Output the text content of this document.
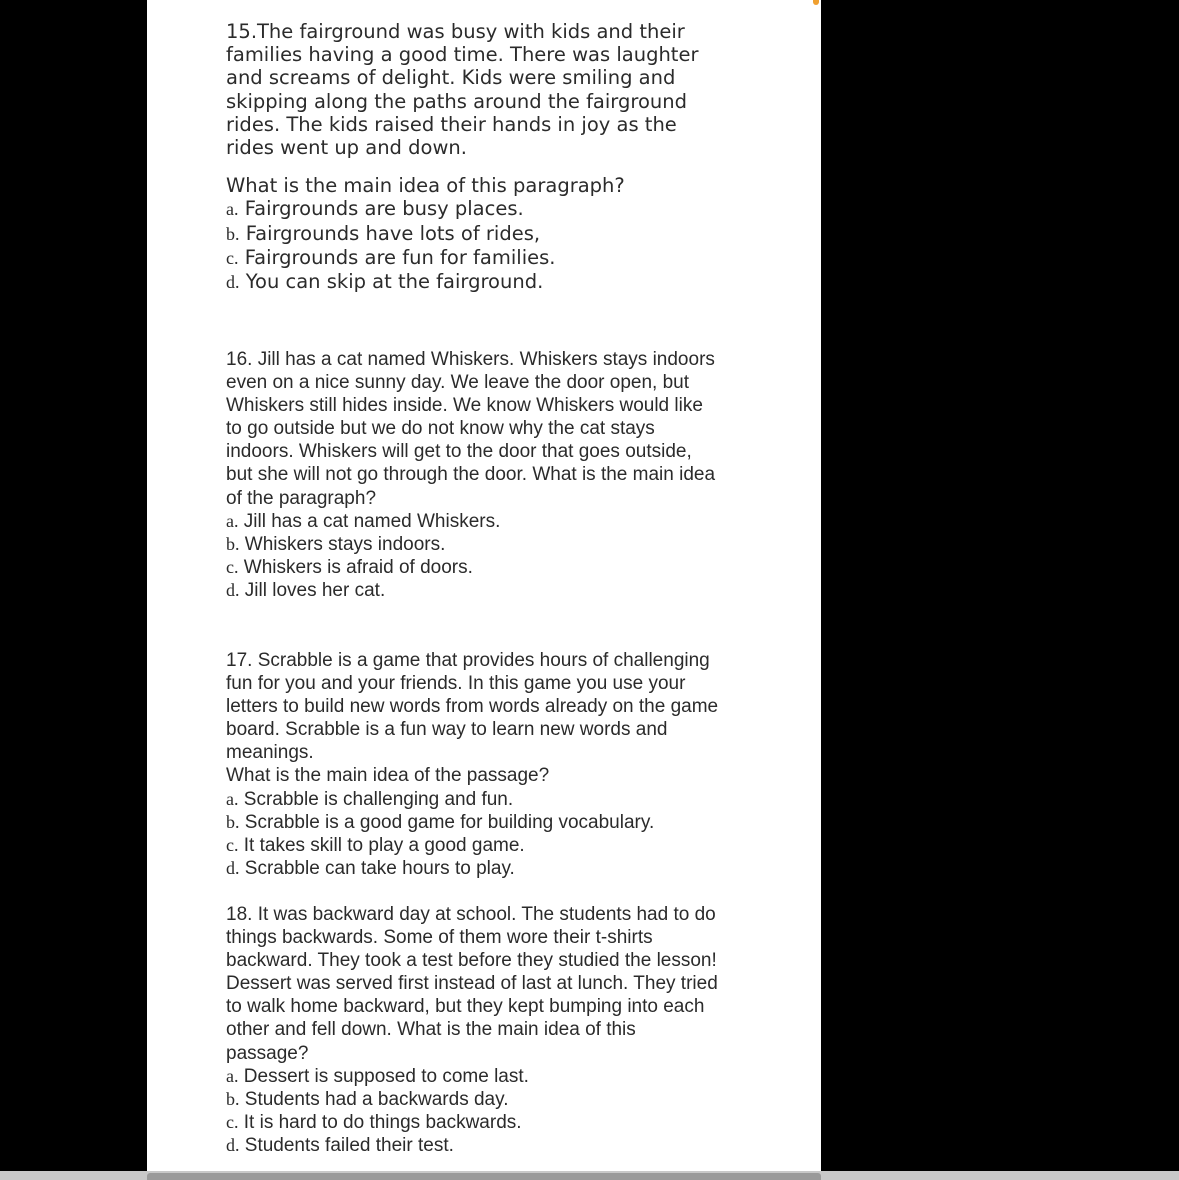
15.The fairground was busy with kids and their
families having a good time. There was laughter
and screams of delight. Kids were smiling and
skipping along the paths around the fairground
rides. The kids raised their hands in joy as the
rides went up and down.
What is the main idea of this paragraph?
a. Fairgrounds are busy places.
b. Fairgrounds have lots of rides,
c. Fairgrounds are fun for families.
d. You can skip at the fairground.
16. Jill has a cat named Whiskers. Whiskers stays indoors
even on a nice sunny day. We leave the door open, but
Whiskers still hides inside. We know Whiskers would like
to go outside but we do not know why the cat stays
indoors. Whiskers will get to the door that goes outside,
but she will not go through the door. What is the main idea
of the paragraph?
a. Jill has a cat named Whiskers.
b. Whiskers stays indoors.
c. Whiskers is afraid of doors.
d. Jill loves her cat.
17. Scrabble is a game that provides hours of challenging
fun for you and your friends. In this game you use your
letters to build new words from words already on the game
board. Scrabble is a fun way to learn new words and
meanings.
What is the main idea of the passage?
a. Scrabble is challenging and fun.
b. Scrabble is a good game for building vocabulary.
c. It takes skill to play a good game.
d. Scrabble can take hours to play.
18. It was backward day at school. The students had to do
things backwards. Some of them wore their t-shirts
backward. They took a test before they studied the lesson!
Dessert was served first instead of last at lunch. They tried
to walk home backward, but they kept bumping into each
other and fell down. What is the main idea of this
passage?
a. Dessert is supposed to come last.
b. Students had a backwards day.
c. It is hard to do things backwards.
d. Students failed their test.
